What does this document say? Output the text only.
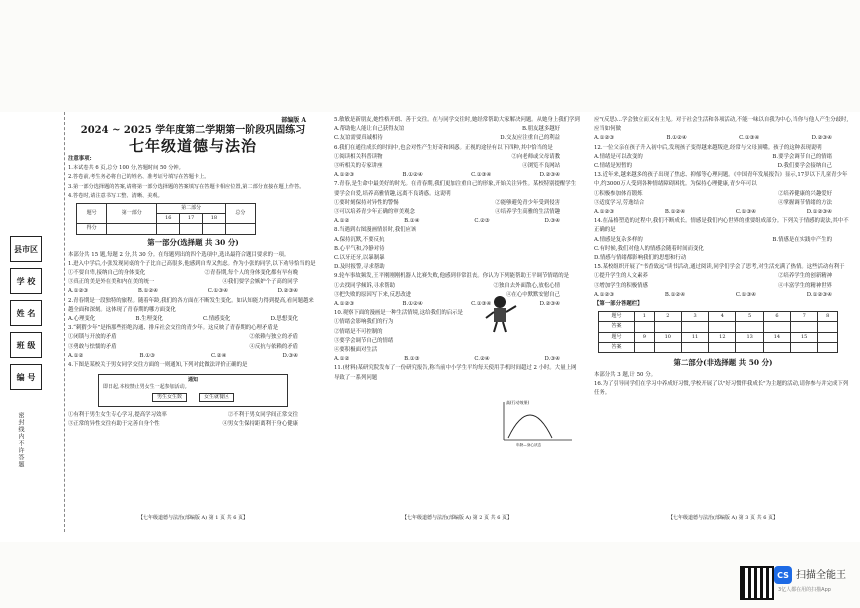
县市区
学 校
姓 名
班 级
编 号
密封线内不许答题
部编版 A
2024 ~ 2025 学年度第二学期第一阶段巩固练习
七年级道德与法治
注意事项:
1.本试卷共 6 页,总分 100 分,答题时间 50 分钟。
2.答卷前,考生务必将自己的姓名、准考证号填写在答题卡上。
3.第一部分选择题的答案,请将第一部分选择题的答案填写在答题卡相应位置,第二部分直接在题上作答。
4.答卷时,请注意书写工整、清晰、美观。
题号	第一部分	第二部分			总分
		16	17	18	
得分					
第一部分(选择题 共 30 分)
本部分共 15 题,每题 2 分,共 30 分。在每题列出的四个选项中,选出最符合题目要求的一项。
1.进入中学后,小张发现同桌的个子比自己高很多,他感到自卑又焦虑。作为小张的同学,以下劝导恰当的是
①不要自卑,接纳自己的身体变化	②青春期,每个人的身体变化都有早有晚
③真正的美是外在美和内在美的统一	④我们要学会嫉妒个子高的同学
A.①②③	B.①②④	C.①③④	D.②③④
2.青春期是一段独特的旅程。随着年龄,我们的各方面在不断发生变化。如认知能力得到提高,看问题越来越全面和深刻。这体现了青春期的哪方面变化
A.心理变化	B.生理变化	C.情感变化	D.思想变化
3.“刺猬少年”是指那些拒绝沟通、排斥社会交往的青少年。这反映了青春期的心理矛盾是
①闭锁与开放的矛盾	②依赖与独立的矛盾
③勇敢与怯懦的矛盾	④反抗与依赖的矛盾
A.①②	B.①③	C.②④	D.③④
4.下图是某校关于男女同学交往方面的一则通知,下列对此做法评价正确的是
通知
即日起,本校禁止男女生一起参加活动。
男生女生数	女生就餐区
①有利于男生女生专心学习,提高学习效率	②不利于男女同学间正常交往
③正常的异性交往有助于完善自身个性	④男女生保持距离利于身心健康
【七年级道德与法治(部编版 A) 第 1 页 共 6 页】
5.敏敏是新朋友,她性格开朗、善于交往。在与同学交往时,她经常帮助大家解决问题。从她身上我们学到
A.帮助他人能让自己获得友谊	B.朋友越多越好
C.友谊需要真诚相待	D.交友应注重自己的利益
6.我们在通往成长的时间中,也会对性产生好奇和困惑。正视的途径有以下四种,其中恰当的是
①阅读相关科普读物	②向老师或父母请教
③听相关的专家讲座	④浏览不良网站
A.①②③	B.①②④	C.①③④	D.②③④
7.青春,是生命中最美好的时光。在青春期,我们更加注重自己的形象,开始关注异性。某校特别提醒学生要学会自爱,培养高雅情趣,远离不良诱惑。这说明
①要时刻保持对异性的警惕	②能够避免青少年受到侵害
③可以培养青少年正确的审美观念	④培养学生高雅的生活情趣
A.①②	B.①④	C.②③	D.③④
8.当遇到右图漫画情景时,我们应该
A.保持沉默,不要反抗
B.心平气和,冷静对待
C.以牙还牙,以暴制暴
D.及时报警,寻求帮助
9.轮车事故频发,王平刚刚刚机器人比赛失败,他感到非常沮丧。你认为下列能帮助王平调节情绪的是
①去找同学倾诉,寻求帮助	②独自去外面散心,放松心情
③把失败的原因写下来,反思改进	④在心中默默安慰自己
A.①②③	B.①②④	C.①③④	D.②③④
10.观察下面的漫画是一种生活情境,这给我们的启示是
①情绪会影响我们的行为
②情绪是不可控制的
③要学会调节自己的情绪
④要积极面对生活
A.①②	B.①③	C.②④	D.③④
11.(材料)某研究院发布了一份研究报告,称当前中小学生平均每天使用手机时间超过 2 小时。大量上网导致了一系列问题
【七年级道德与法治(部编版 A) 第 2 页 共 6 页】
高(行动效果)
年龄—身心状态
应"(反思)...学会独立而又有主见。对于社会生活和各项活动,不能一味以自我为中心,当你与他人产生分歧时,应当如何做
A.①②③	B.①②④	C.①③④	D.②③④
12.一位父亲在孩子升入初中后,发现孩子变得越来越叛逆,经常与父母顶嘴。孩子的这种表现说明
A.情绪是可以改变的	B.要学会调节自己的情绪
C.情绪是短暂的	D.我们要学会接纳自己
13.近年来,越来越多的孩子出现了焦虑、抑郁等心理问题。《中国青年发展报告》显示,17岁以下儿童青少年中,约3000万人受到各种情绪障碍困扰。为保持心理健康,青少年可以
①积极参加体育锻炼	②培养健康的兴趣爱好
③适度学习,劳逸结合	④掌握调节情绪的方法
A.①②③	B.①②④	C.①③④	D.①②③④
14.在品格塑造的过程中,我们不断成长。情感是我们内心世界的重要组成部分。下列关于情感的说法,其中不正确的是
A.情感是复杂多样的	B.情感是在实践中产生的
C.有时候,我们对他人的情感会随着时间而变化
D.情感与情绪都影响我们的思想和行动
15.某校组织开展了"书香致远"读书活动,通过阅读,同学们学会了思考,对生活充满了热情。这些活动有利于
①提升学生的人文素养	②培养学生的创新精神
③增加学生的积极情感	④丰富学生的精神世界
A.①②③	B.①②④	C.①③④	D.①②③④
【第一部分答题栏】
题号	1	2	3	4	5	6	7	8
答案								
题号	9	10	11	12	13	14	15	
答案								
第二部分(非选择题 共 50 分)
本部分共 3 题,计 50 分。
16.为了引导同学们在学习中养成好习惯,学校开展了以"好习惯伴我成长"为主题的活动,请你参与并完成下列任务。
【七年级道德与法治(部编版 A) 第 3 页 共 6 页】
CS 扫描全能王
3亿人都在用的扫描App
